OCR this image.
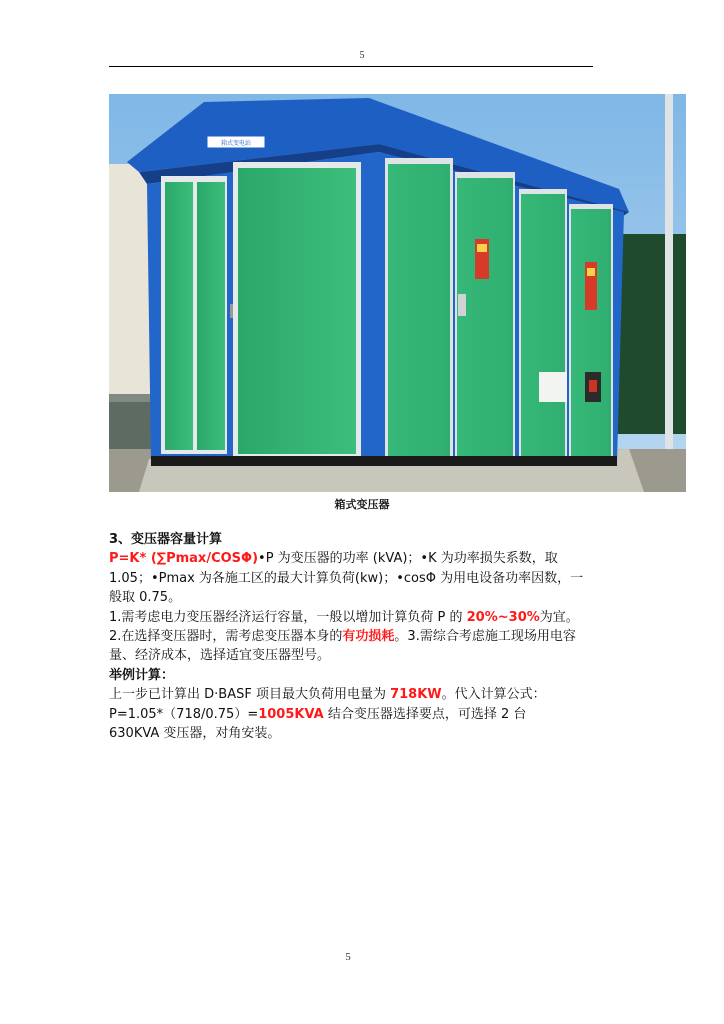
5
箱式变电站
箱式变压器

3、变压器容量计算

P=K* (∑Pmax/COSΦ)•P 为变压器的功率 (kVA)；•K 为功率损失系数，取

1.05；•Pmax 为各施工区的最大计算负荷(kw)；•cosΦ 为用电设备功率因数，一

般取 0.75。

1.需考虑电力变压器经济运行容量，一般以增加计算负荷 P 的 20%~30%为宜。

2.在选择变压器时，需考虑变压器本身的有功损耗。3.需综合考虑施工现场用电容

量、经济成本，选择适宜变压器型号。

举例计算：

上一步已计算出 D·BASF 项目最大负荷用电量为 718KW。代入计算公式：

P=1.05*（718/0.75）=1005KVA 结合变压器选择要点，可选择 2 台

630KVA 变压器，对角安装。

5
